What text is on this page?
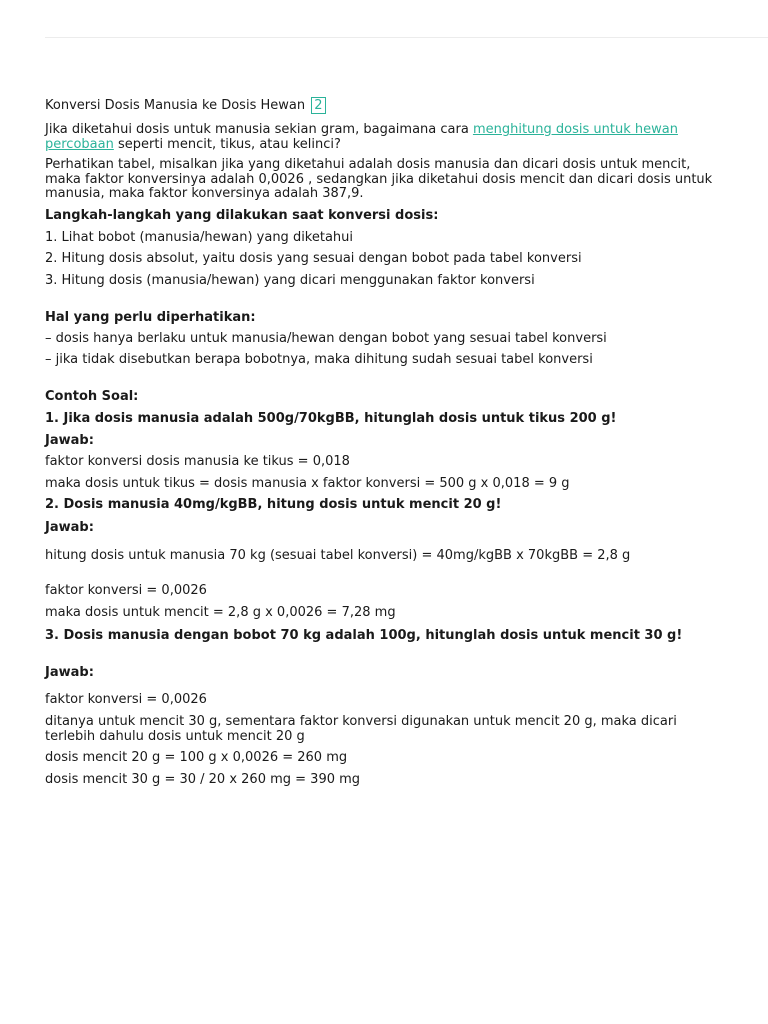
Konversi Dosis Manusia ke Dosis Hewan 2
Jika diketahui dosis untuk manusia sekian gram, bagaimana cara menghitung dosis untuk hewan percobaan seperti mencit, tikus, atau kelinci?
Perhatikan tabel, misalkan jika yang diketahui adalah dosis manusia dan dicari dosis untuk mencit, maka faktor konversinya adalah 0,0026 , sedangkan jika diketahui dosis mencit dan dicari dosis untuk manusia, maka faktor konversinya adalah 387,9.
Langkah-langkah yang dilakukan saat konversi dosis:
1. Lihat bobot (manusia/hewan) yang diketahui
2. Hitung dosis absolut, yaitu dosis yang sesuai dengan bobot pada tabel konversi
3. Hitung dosis (manusia/hewan) yang dicari menggunakan faktor konversi
Hal yang perlu diperhatikan:
– dosis hanya berlaku untuk manusia/hewan dengan bobot yang sesuai tabel konversi
– jika tidak disebutkan berapa bobotnya, maka dihitung sudah sesuai tabel konversi
Contoh Soal:
1. Jika dosis manusia adalah 500g/70kgBB, hitunglah dosis untuk tikus 200 g!
Jawab:
faktor konversi dosis manusia ke tikus = 0,018
maka dosis untuk tikus = dosis manusia x faktor konversi = 500 g x 0,018 = 9 g
2. Dosis manusia 40mg/kgBB, hitung dosis untuk mencit 20 g!
Jawab:
hitung dosis untuk manusia 70 kg (sesuai tabel konversi) = 40mg/kgBB x 70kgBB = 2,8 g
faktor konversi = 0,0026
maka dosis untuk mencit = 2,8 g x 0,0026 = 7,28 mg
3. Dosis manusia dengan bobot 70 kg adalah 100g, hitunglah dosis untuk mencit 30 g!
Jawab:
faktor konversi = 0,0026
ditanya untuk mencit 30 g, sementara faktor konversi digunakan untuk mencit 20 g, maka dicari terlebih dahulu dosis untuk mencit 20 g
dosis mencit 20 g = 100 g x 0,0026 = 260 mg
dosis mencit 30 g = 30 / 20 x 260 mg = 390 mg
